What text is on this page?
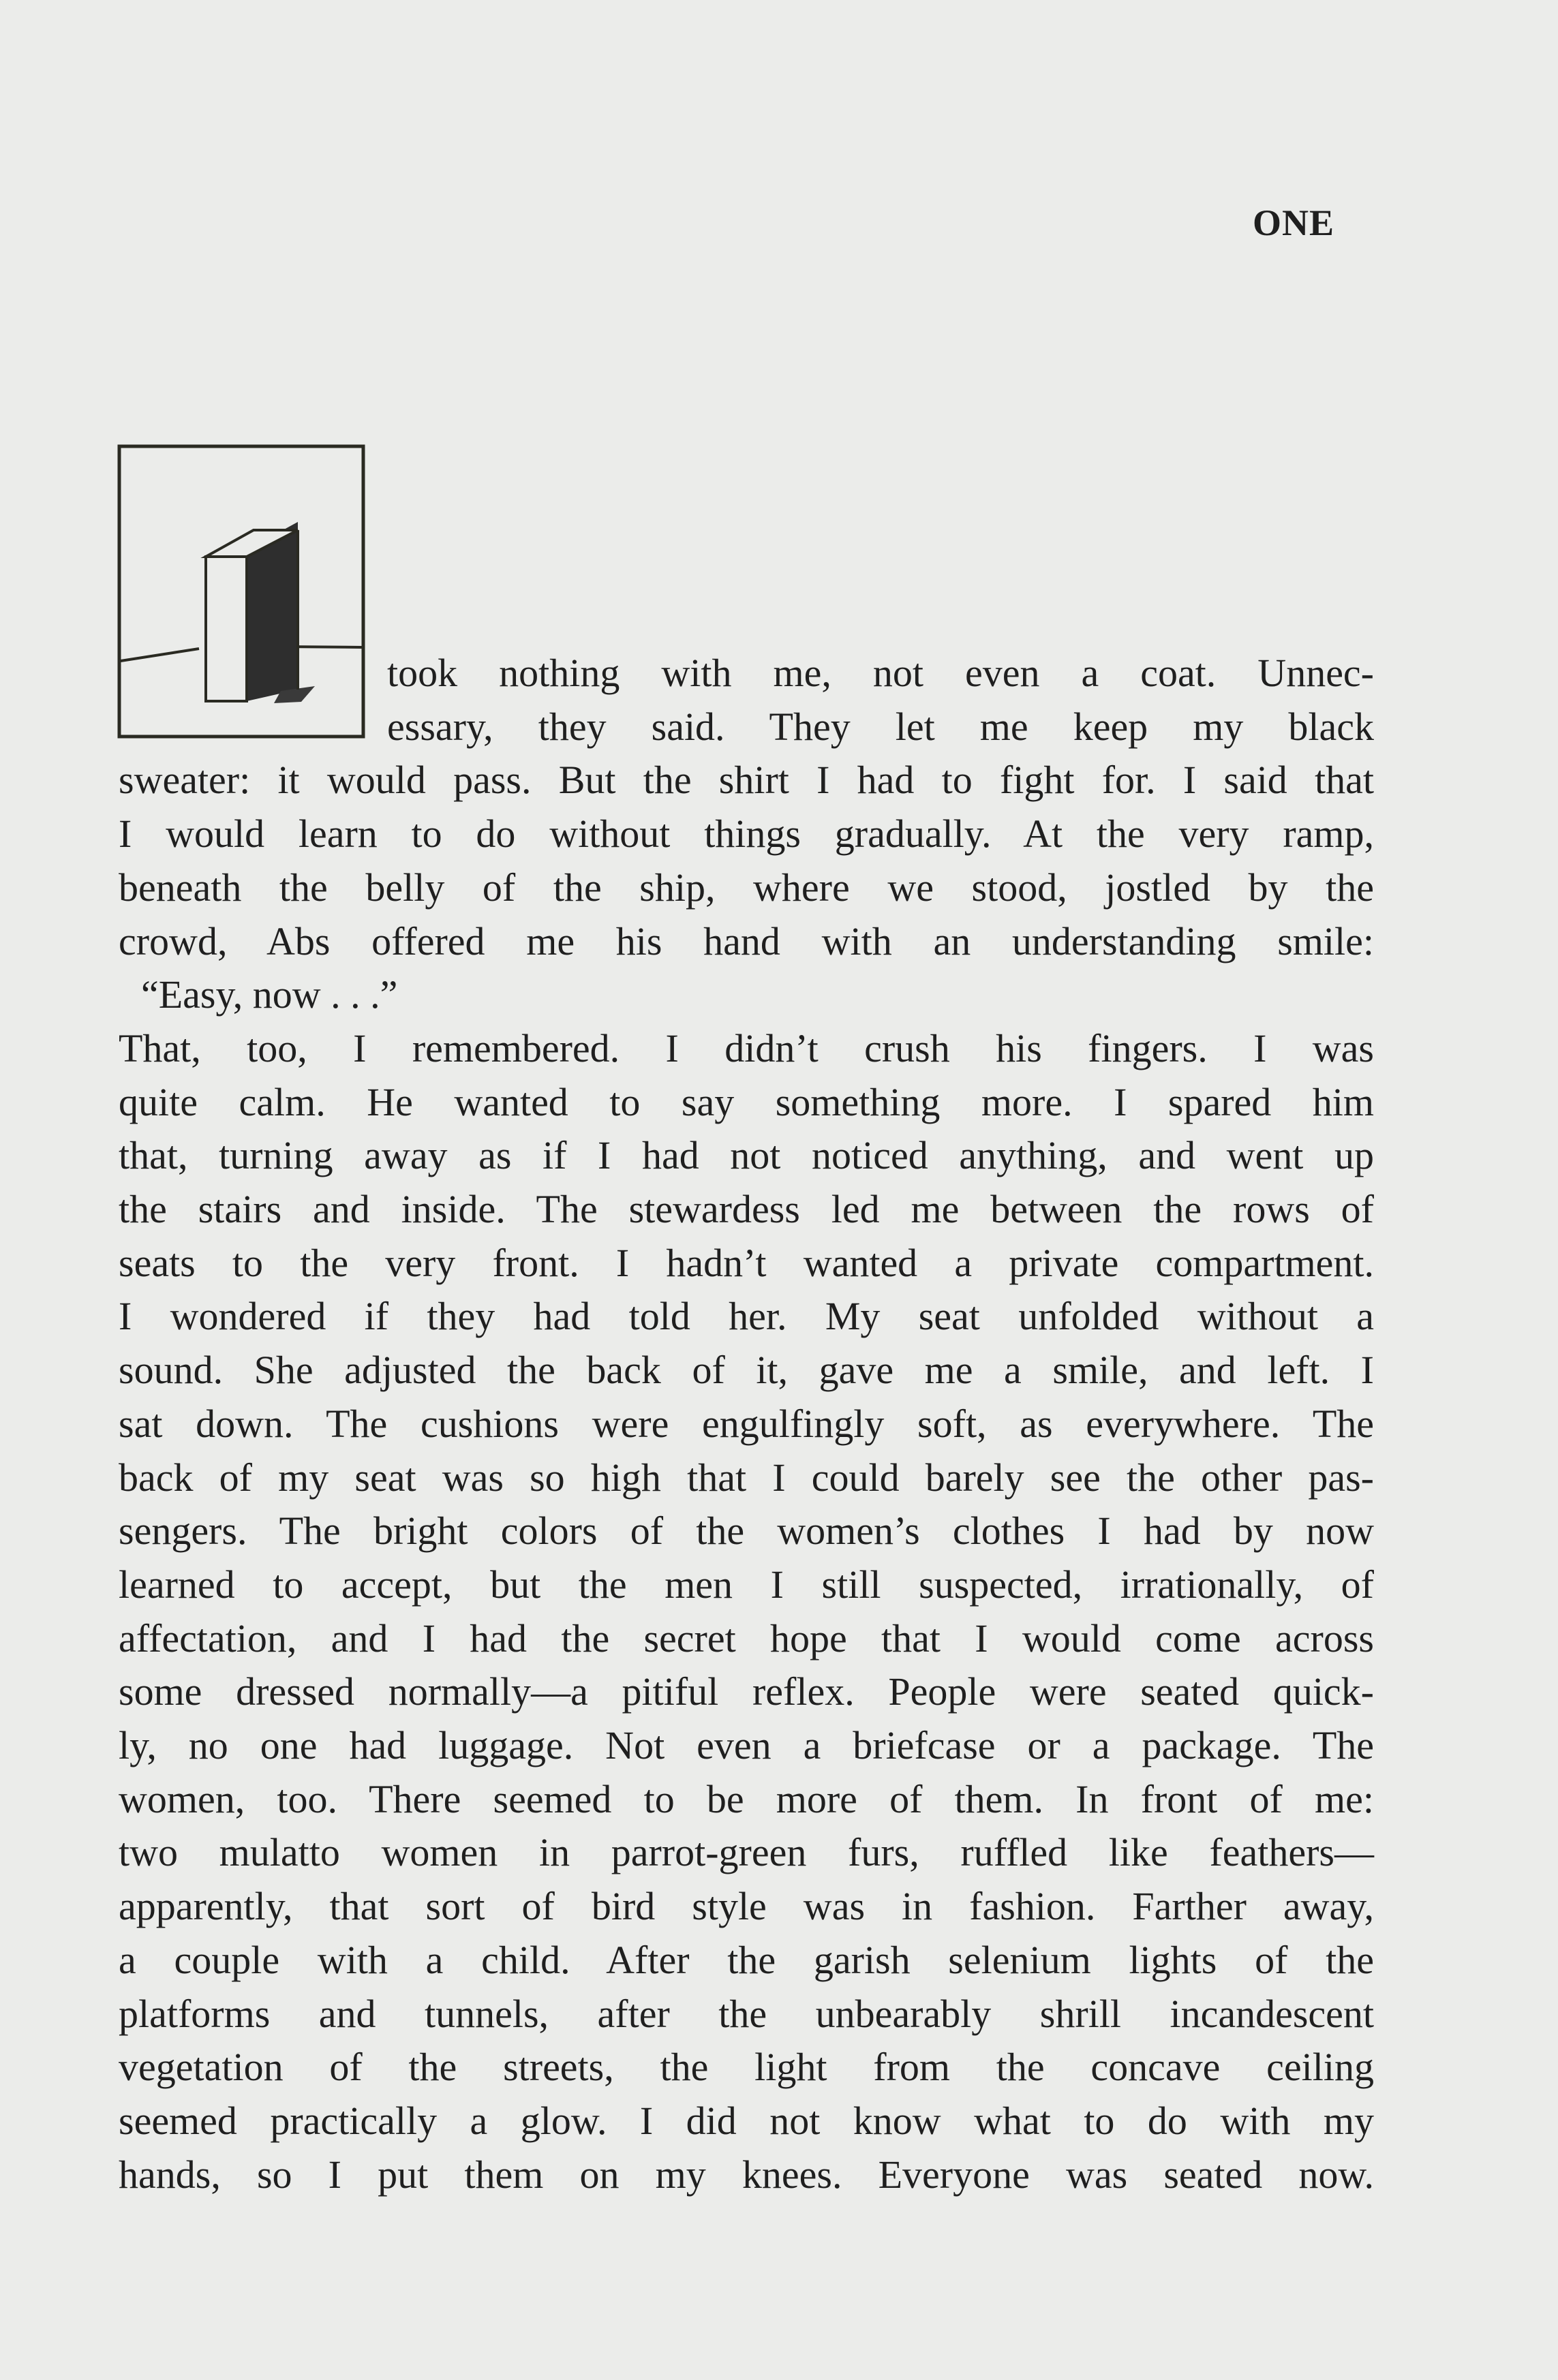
ONE
took nothing with me, not even a coat. Unnec-
essary, they said. They let me keep my black
sweater: it would pass. But the shirt I had to fight for. I said that
I would learn to do without things gradually. At the very ramp,
beneath the belly of the ship, where we stood, jostled by the
crowd, Abs offered me his hand with an understanding smile:
“Easy, now . . .”
That, too, I remembered. I didn’t crush his fingers. I was
quite calm. He wanted to say something more. I spared him
that, turning away as if I had not noticed anything, and went up
the stairs and inside. The stewardess led me between the rows of
seats to the very front. I hadn’t wanted a private compartment.
I wondered if they had told her. My seat unfolded without a
sound. She adjusted the back of it, gave me a smile, and left. I
sat down. The cushions were engulfingly soft, as everywhere. The
back of my seat was so high that I could barely see the other pas-
sengers. The bright colors of the women’s clothes I had by now
learned to accept, but the men I still suspected, irrationally, of
affectation, and I had the secret hope that I would come across
some dressed normally—a pitiful reflex. People were seated quick-
ly, no one had luggage. Not even a briefcase or a package. The
women, too. There seemed to be more of them. In front of me:
two mulatto women in parrot-green furs, ruffled like feathers—
apparently, that sort of bird style was in fashion. Farther away,
a couple with a child. After the garish selenium lights of the
platforms and tunnels, after the unbearably shrill incandescent
vegetation of the streets, the light from the concave ceiling
seemed practically a glow. I did not know what to do with my
hands, so I put them on my knees. Everyone was seated now.
